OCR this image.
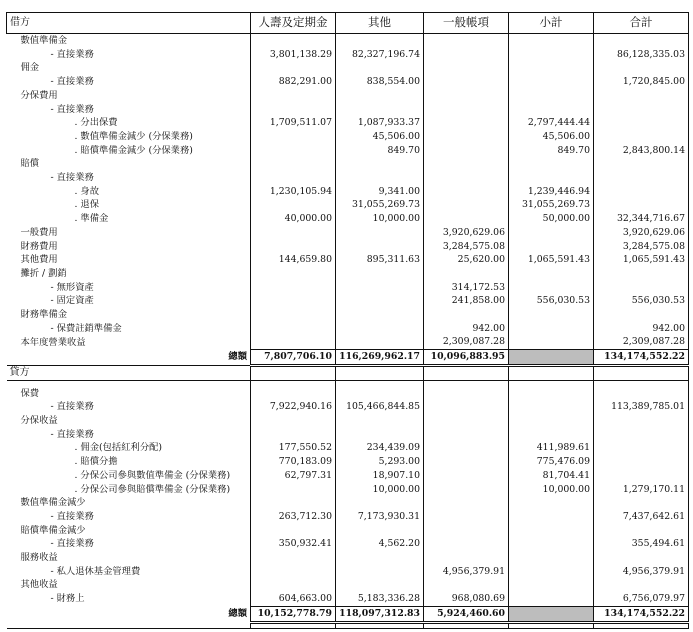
借方	人壽及定期金	其他	一般帳項	小計	合計
數值準備金					
- 直接業務	3,801,138.29	82,327,196.74			86,128,335.03
佣金					
- 直接業務	882,291.00	838,554.00			1,720,845.00
分保費用					
- 直接業務					
. 分出保費	1,709,511.07	1,087,933.37		2,797,444.44	
. 數值準備金減少 (分保業務)		45,506.00		45,506.00	
. 賠償準備金減少 (分保業務)		849.70		849.70	2,843,800.14
賠償					
- 直接業務					
. 身故	1,230,105.94	9,341.00		1,239,446.94	
. 退保		31,055,269.73		31,055,269.73	
. 準備金	40,000.00	10,000.00		50,000.00	32,344,716.67
一般費用			3,920,629.06		3,920,629.06
財務費用			3,284,575.08		3,284,575.08
其他費用	144,659.80	895,311.63	25,620.00	1,065,591.43	1,065,591.43
攤折 / 劃銷					
- 無形資產			314,172.53		
- 固定資產			241,858.00	556,030.53	556,030.53
財務準備金					
- 保費註銷準備金			942.00		942.00
本年度營業收益			2,309,087.28		2,309,087.28
總額	7,807,706.10	116,269,962.17	10,096,883.95		134,174,552.22
貸方					

保費					
- 直接業務	7,922,940.16	105,466,844.85			113,389,785.01
分保收益					
- 直接業務					
. 佣金(包括紅利分配)	177,550.52	234,439.09		411,989.61	
. 賠償分擔	770,183.09	5,293.00		775,476.09	
. 分保公司參與數值準備金 (分保業務)	62,797.31	18,907.10		81,704.41	
. 分保公司參與賠償準備金 (分保業務)		10,000.00		10,000.00	1,279,170.11
數值準備金減少					
- 直接業務	263,712.30	7,173,930.31			7,437,642.61
賠償準備金減少					
- 直接業務	350,932.41	4,562.20			355,494.61
服務收益					
- 私人退休基金管理費			4,956,379.91		4,956,379.91
其他收益					
- 財務上	604,663.00	5,183,336.28	968,080.69		6,756,079.97
總額	10,152,778.79	118,097,312.83	5,924,460.60		134,174,552.22
